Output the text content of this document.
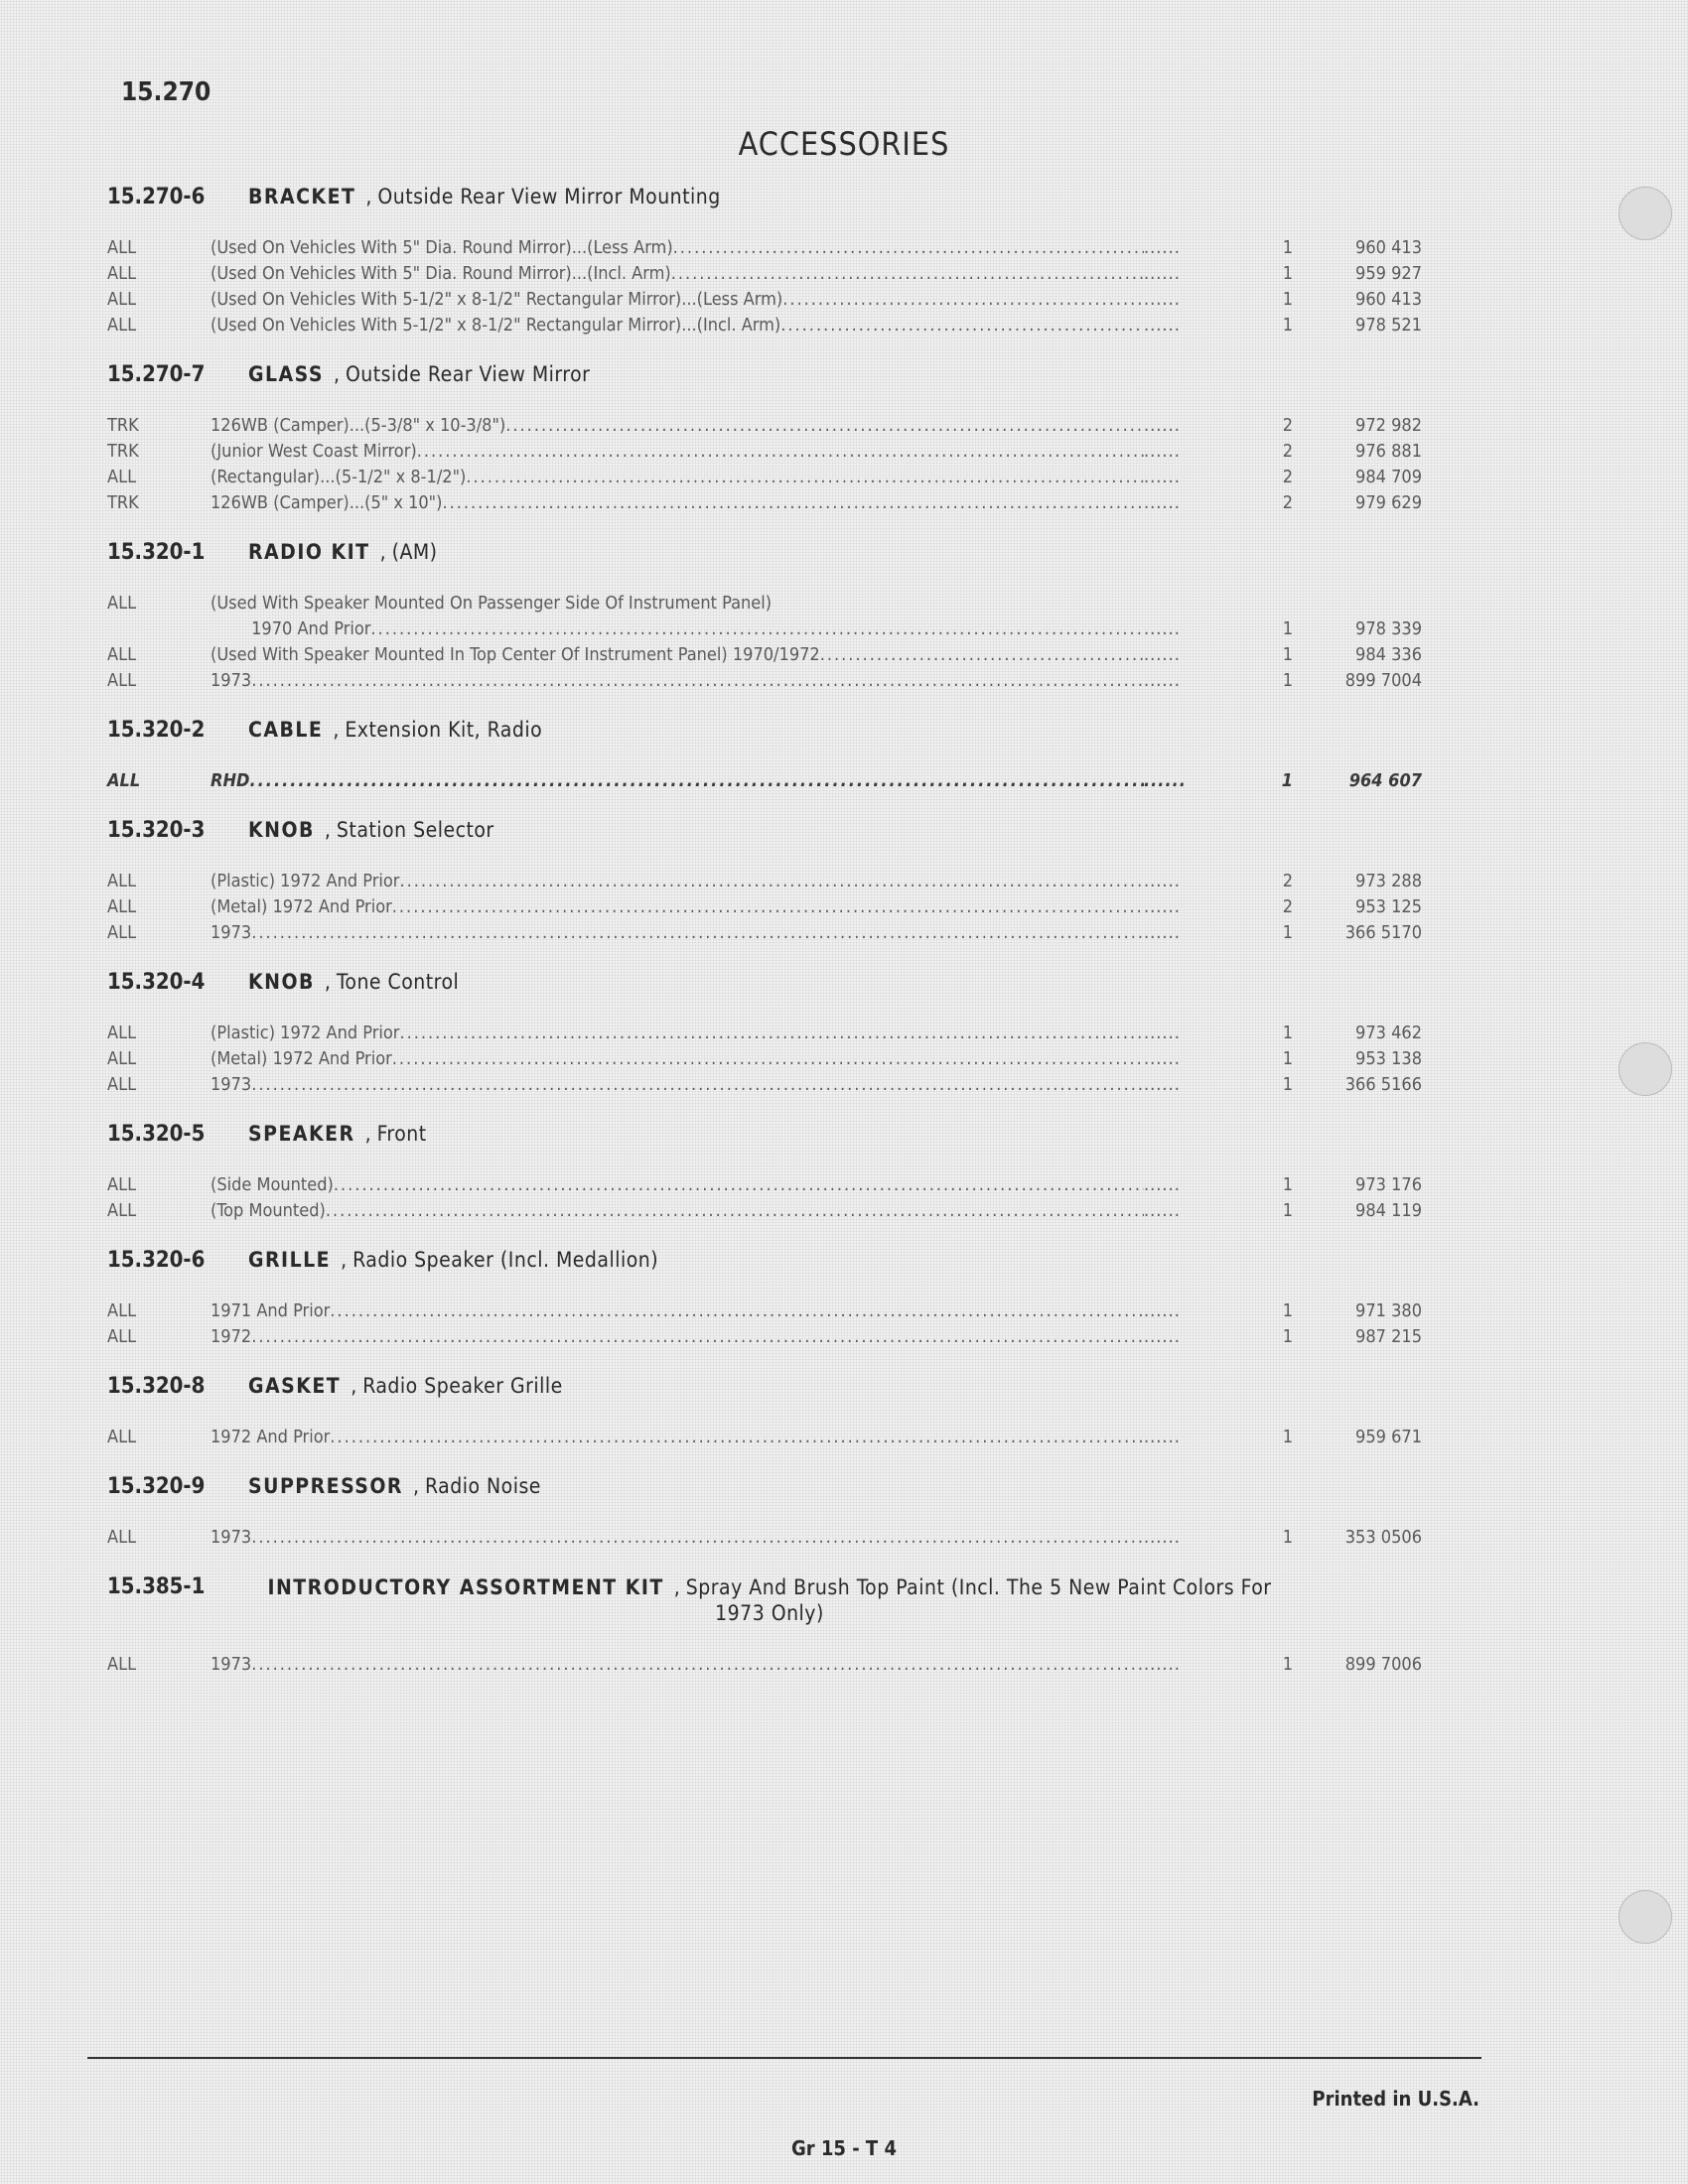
15.270
ACCESSORIES
15.270-6	BRACKET , Outside Rear View Mirror Mounting
ALL	(Used On Vehicles With 5" Dia. Round Mirror)...(Less Arm) .....	......	1	960 413
ALL	(Used On Vehicles With 5" Dia. Round Mirror)...(Incl. Arm) .....	......	1	959 927
ALL	(Used On Vehicles With 5-1/2" x 8-1/2" Rectangular Mirror)...(Less Arm) .....	......	1	960 413
ALL	(Used On Vehicles With 5-1/2" x 8-1/2" Rectangular Mirror)...(Incl. Arm) .....	......	1	978 521
15.270-7	GLASS , Outside Rear View Mirror
TRK	126WB (Camper)...(5-3/8" x 10-3/8") .....	......	2	972 982
TRK	(Junior West Coast Mirror) .....	......	2	976 881
ALL	(Rectangular)...(5-1/2" x 8-1/2") .....	......	2	984 709
TRK	126WB (Camper)...(5" x 10") .....	......	2	979 629
15.320-1	RADIO KIT , (AM)
ALL	(Used With Speaker Mounted On Passenger Side Of Instrument Panel)
1970 And Prior .....	......	1	978 339
ALL	(Used With Speaker Mounted In Top Center Of Instrument Panel) 1970/1972 .....	......	1	984 336
ALL	1973 .....	......	1	899 7004
15.320-2	CABLE , Extension Kit, Radio
ALL	RHD .....	......	1	964 607
15.320-3	KNOB , Station Selector
ALL	(Plastic) 1972 And Prior .....	......	2	973 288
ALL	(Metal) 1972 And Prior .....	......	2	953 125
ALL	1973 .....	......	1	366 5170
15.320-4	KNOB , Tone Control
ALL	(Plastic) 1972 And Prior .....	......	1	973 462
ALL	(Metal) 1972 And Prior .....	......	1	953 138
ALL	1973 .....	......	1	366 5166
15.320-5	SPEAKER , Front
ALL	(Side Mounted) .....	......	1	973 176
ALL	(Top Mounted) .....	......	1	984 119
15.320-6	GRILLE , Radio Speaker (Incl. Medallion)
ALL	1971 And Prior .....	......	1	971 380
ALL	1972 .....	......	1	987 215
15.320-8	GASKET , Radio Speaker Grille
ALL	1972 And Prior .....	......	1	959 671
15.320-9	SUPPRESSOR , Radio Noise
ALL	1973 .....	......	1	353 0506
15.385-1	INTRODUCTORY ASSORTMENT KIT , Spray And Brush Top Paint (Incl. The 5 New Paint Colors For 1973 Only)
ALL	1973 .....	......	1	899 7006
Printed in U.S.A.
Gr 15 - T 4
